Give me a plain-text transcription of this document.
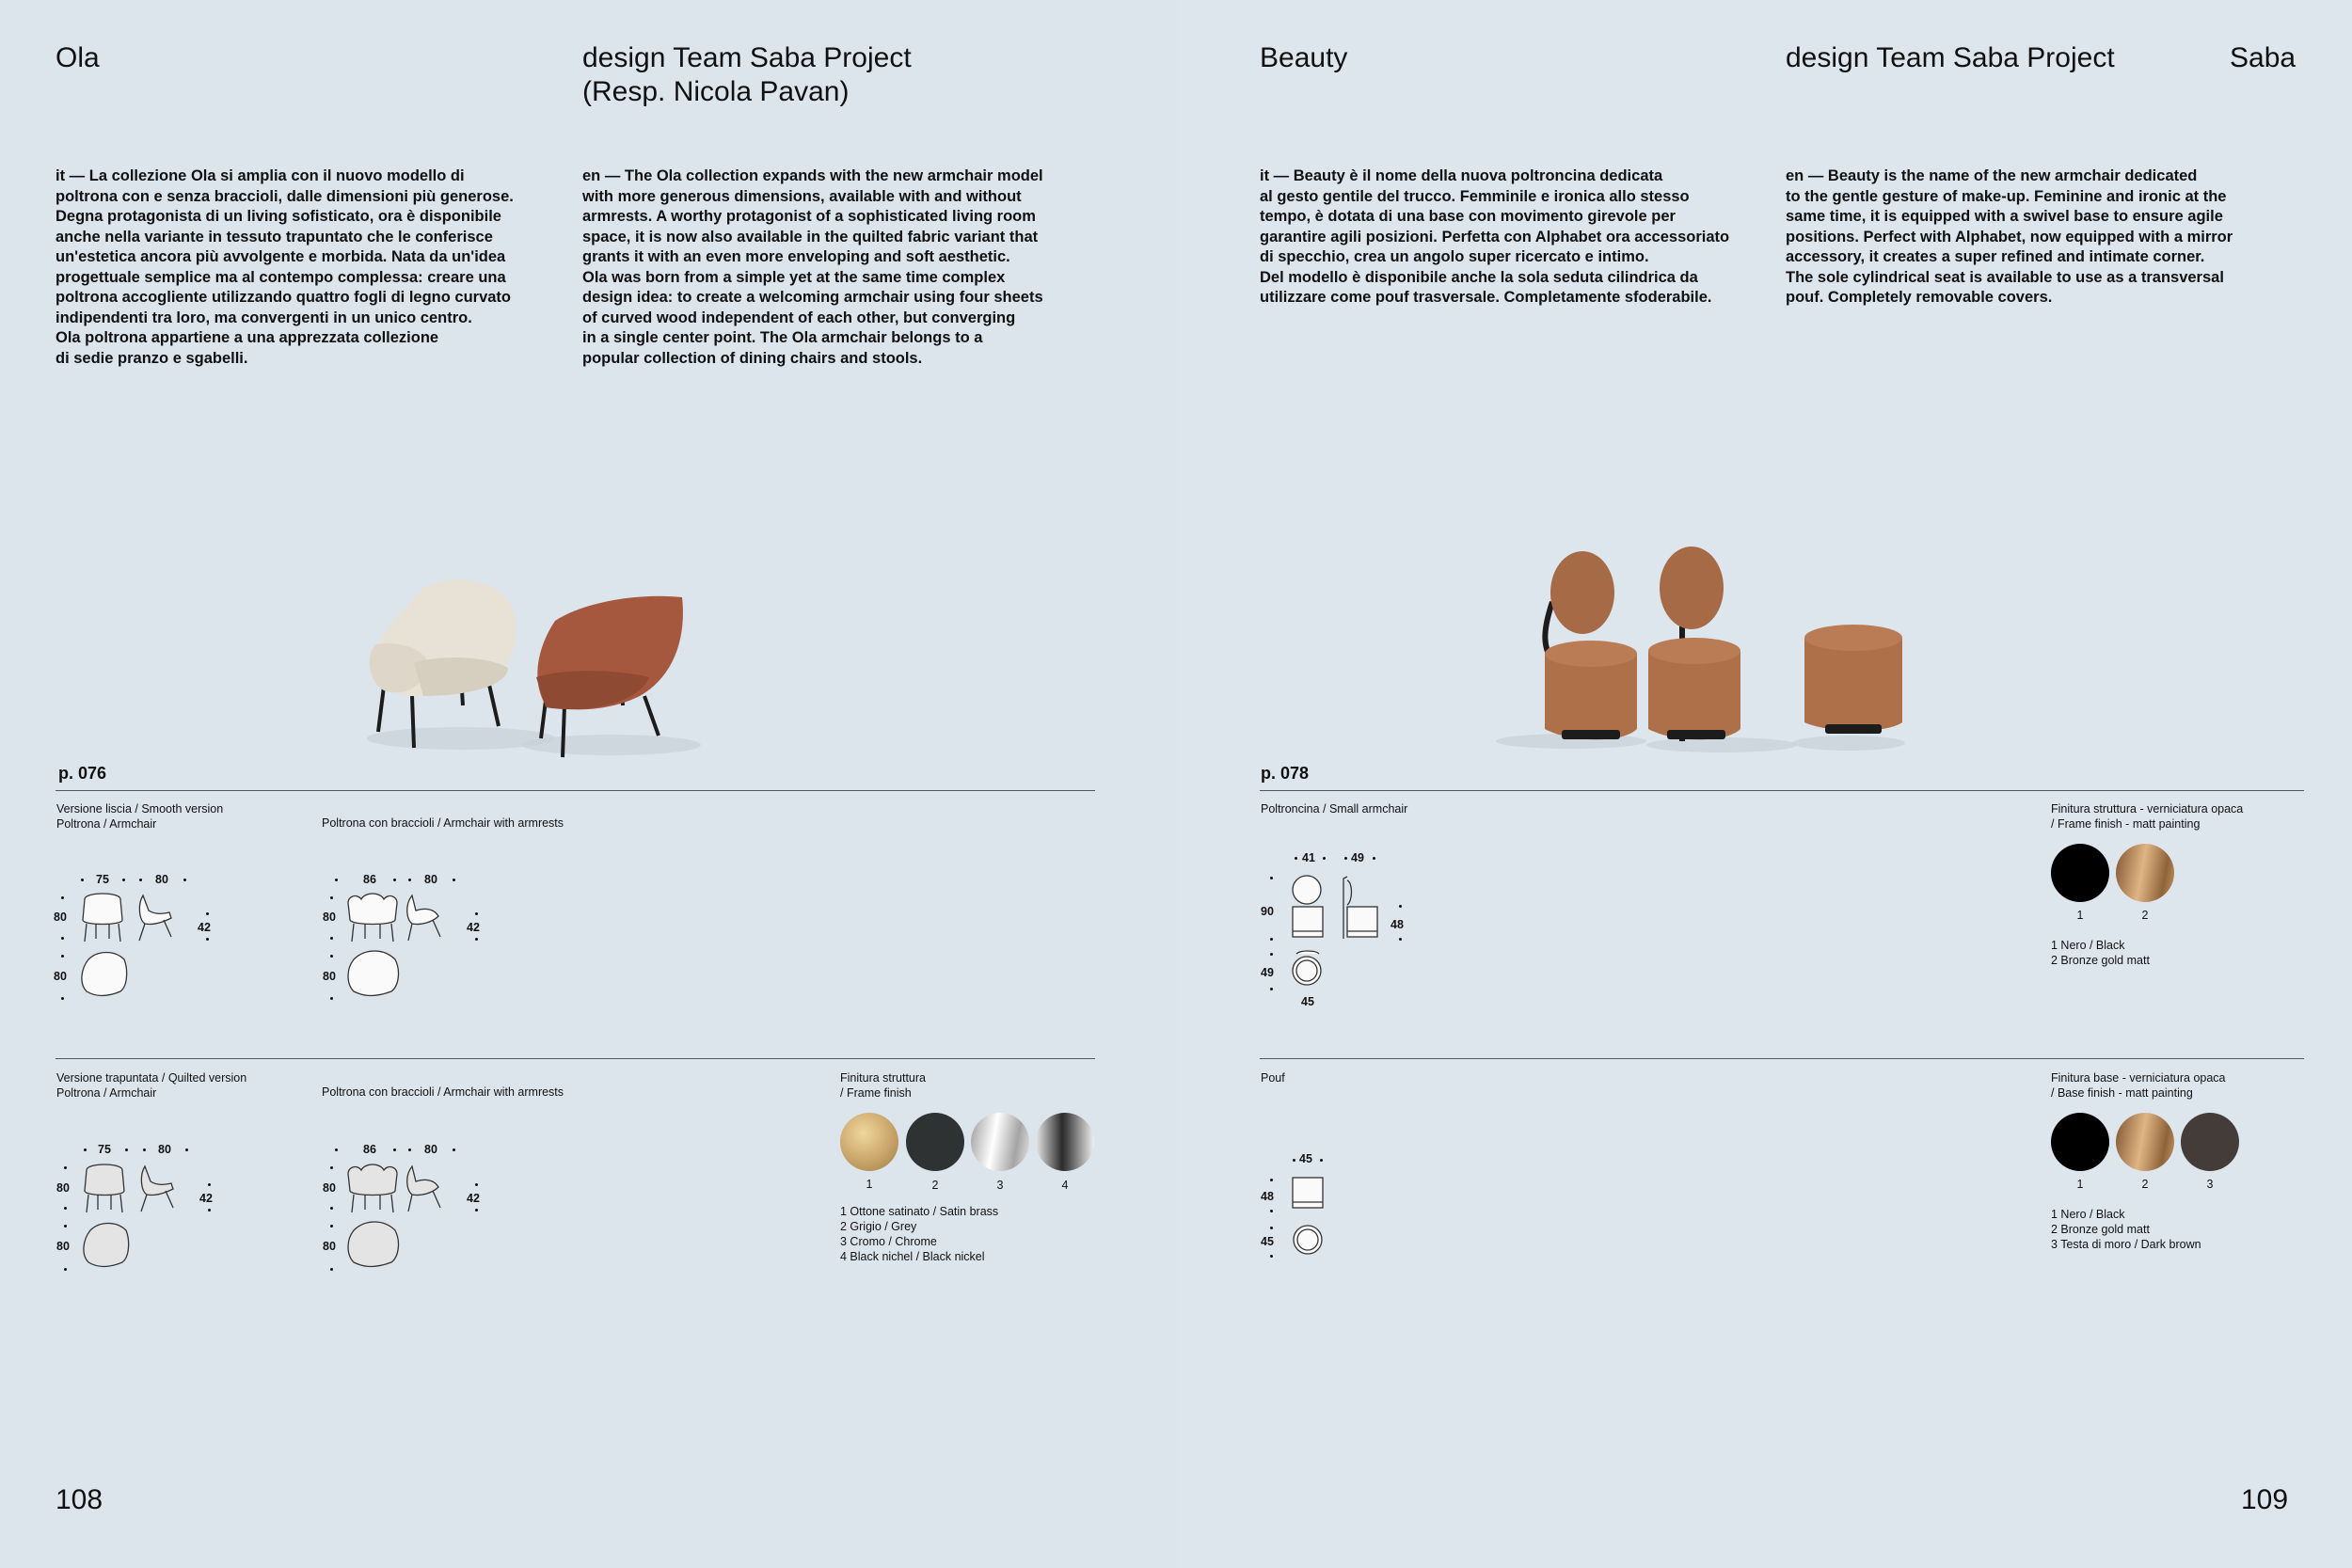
Ola	design Team Saba Project
(Resp. Nicola Pavan)
it — La collezione Ola si amplia con il nuovo modello di
poltrona con e senza braccioli, dalle dimensioni più generose.
Degna protagonista di un living sofisticato, ora è disponibile
anche nella variante in tessuto trapuntato che le conferisce
un'estetica ancora più avvolgente e morbida. Nata da un'idea
progettuale semplice ma al contempo complessa: creare una
poltrona accogliente utilizzando quattro fogli di legno curvato
indipendenti tra loro, ma convergenti in un unico centro.
Ola poltrona appartiene a una apprezzata collezione
di sedie pranzo e sgabelli.
en — The Ola collection expands with the new armchair model
with more generous dimensions, available with and without
armrests. A worthy protagonist of a sophisticated living room
space, it is now also available in the quilted fabric variant that
grants it with an even more enveloping and soft aesthetic.
Ola was born from a simple yet at the same time complex
design idea: to create a welcoming armchair using four sheets
of curved wood independent of each other, but converging
in a single center point. The Ola armchair belongs to a
popular collection of dining chairs and stools.
p. 076
Versione liscia / Smooth version
Poltrona / Armchair	Poltrona con braccioli / Armchair with armrests
75	80
80
80
42
86	80
80
80
42
Versione trapuntata / Quilted version
Poltrona / Armchair	Poltrona con braccioli / Armchair with armrests
75	80
80
80
42
86	80
80
80
42
Finitura struttura
/ Frame finish
1	2	3	4
1 Ottone satinato / Satin brass
2 Grigio / Grey
3 Cromo / Chrome
4 Black nichel / Black nickel
108
Beauty	design Team Saba Project	Saba
it — Beauty è il nome della nuova poltroncina dedicata
al gesto gentile del trucco. Femminile e ironica allo stesso
tempo, è dotata di una base con movimento girevole per
garantire agili posizioni. Perfetta con Alphabet ora accessoriato
di specchio, crea un angolo super ricercato e intimo.
Del modello è disponibile anche la sola seduta cilindrica da
utilizzare come pouf trasversale. Completamente sfoderabile.
en — Beauty is the name of the new armchair dedicated
to the gentle gesture of make-up. Feminine and ironic at the
same time, it is equipped with a swivel base to ensure agile
positions. Perfect with Alphabet, now equipped with a mirror
accessory, it creates a super refined and intimate corner.
The sole cylindrical seat is available to use as a transversal
pouf. Completely removable covers.
p. 078
Poltroncina / Small armchair
41	49
90
49
48
45
Finitura struttura - verniciatura opaca
/ Frame finish - matt painting
1	2
1 Nero / Black
2 Bronze gold matt
Pouf
45
48
45
Finitura base - verniciatura opaca
/ Base finish - matt painting
1	2	3
1 Nero / Black
2 Bronze gold matt
3 Testa di moro / Dark brown
109
